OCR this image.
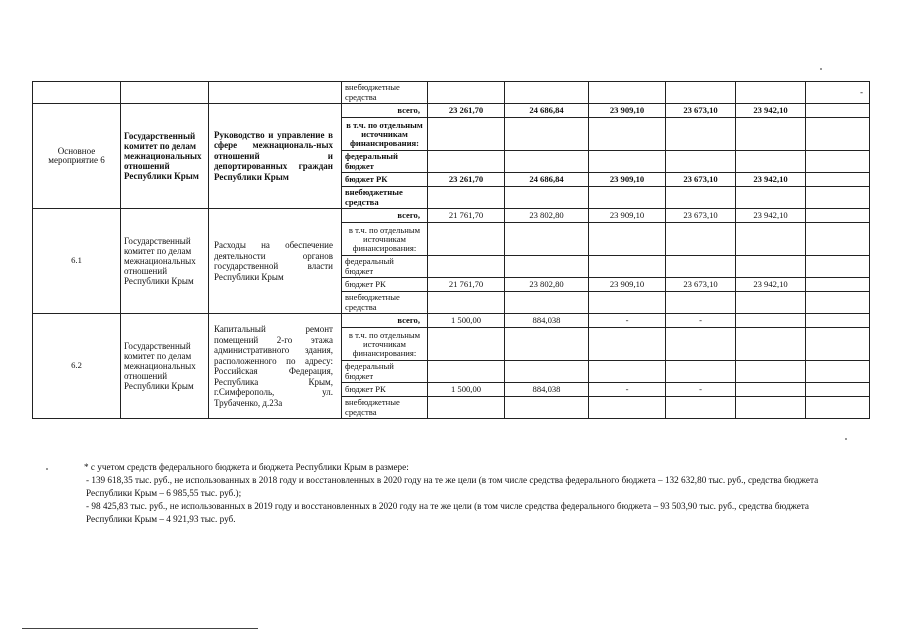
			внебюджетные средства						-	
Основное мероприятие 6	Государственный комитет по делам межнациональных отношений Республики Крым	Руководство и управление в сфере межнациональ-ных отношений и депортированных граждан Республики Крым	всего,	23 261,70	24 686,84	23 909,10	23 673,10	23 942,10		
			в т.ч. по отдельным источникам финансирования:							
			федеральный бюджет							
			бюджет РК	23 261,70	24 686,84	23 909,10	23 673,10	23 942,10		
			внебюджетные средства							
6.1	Государственный комитет по делам межнациональных отношений Республики Крым	Расходы на обеспечение деятельности органов государственной власти Республики Крым	всего,	21 761,70	23 802,80	23 909,10	23 673,10	23 942,10		
			в т.ч. по отдельным источникам финансирования:							
			федеральный бюджет							
			бюджет РК	21 761,70	23 802,80	23 909,10	23 673,10	23 942,10		
			внебюджетные средства							
6.2	Государственный комитет по делам межнациональных отношений Республики Крым	Капитальный ремонт помещений 2-го этажа административного здания, расположенного по адресу: Российская Федерация, Республика Крым, г.Симферополь, ул. Трубаченко, д.23а	всего,	1 500,00	884,038	-	-			
			в т.ч. по отдельным источникам финансирования:							
			федеральный бюджет							
			бюджет РК	1 500,00	884,038	-	-			
			внебюджетные средства							
* с учетом средств федерального бюджета и бюджета Республики Крым в размере:
- 139 618,35 тыс. руб., не использованных в 2018 году и восстановленных в 2020 году на те же цели (в том числе средства федерального бюджета – 132 632,80 тыс. руб., средства бюджета
Республики Крым – 6 985,55 тыс. руб.);
- 98 425,83 тыс. руб., не использованных в 2019 году и восстановленных в 2020 году на те же цели (в том числе средства федерального бюджета – 93 503,90 тыс. руб., средства бюджета
Республики Крым – 4 921,93 тыс. руб.
